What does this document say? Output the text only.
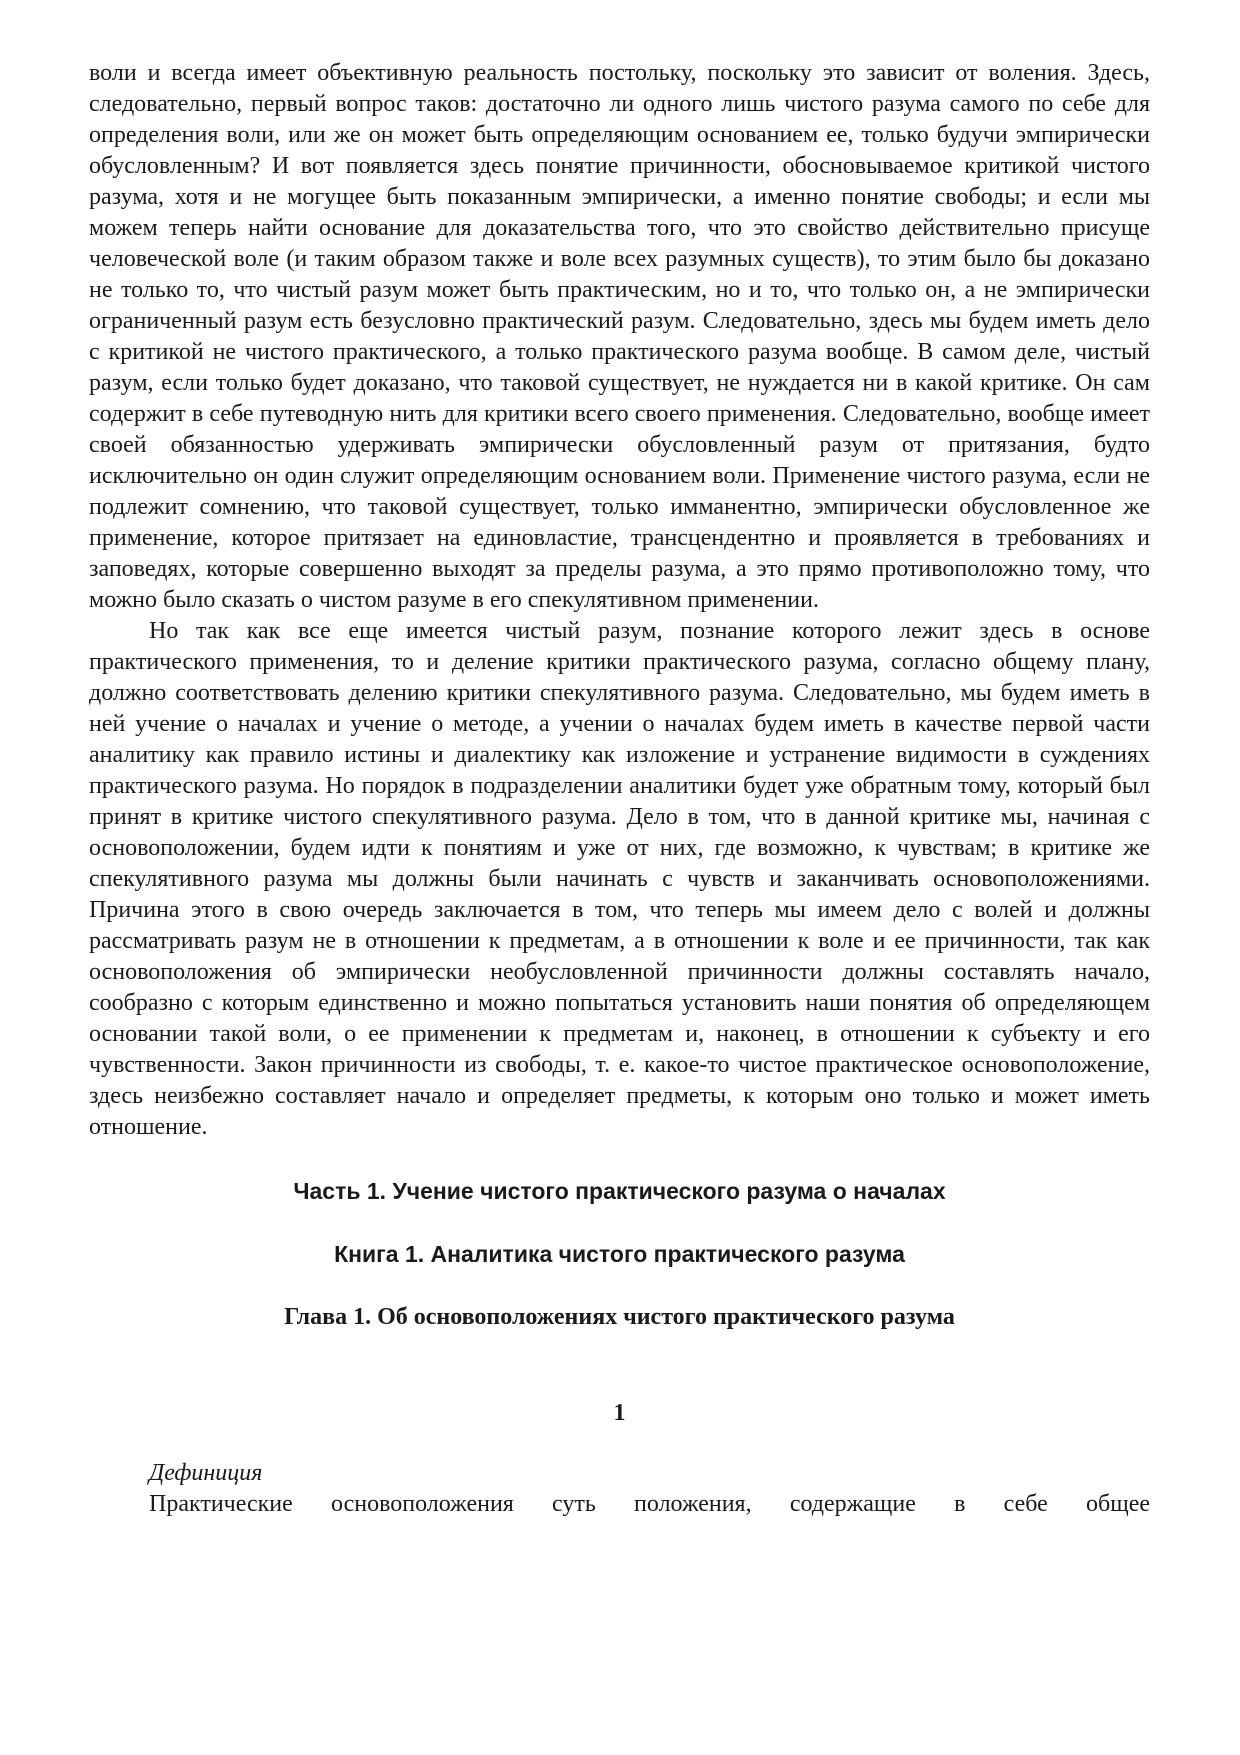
воли и всегда имеет объективную реальность постольку, поскольку это зависит от воления. Здесь, следовательно, первый вопрос таков: достаточно ли одного лишь чистого разума самого по себе для определения воли, или же он может быть определяющим основанием ее, только будучи эмпирически обусловленным? И вот появляется здесь понятие причинности, обосновываемое критикой чистого разума, хотя и не могущее быть показанным эмпирически, а именно понятие свободы; и если мы можем теперь найти основание для доказательства того, что это свойство действительно присуще человеческой воле (и таким образом также и воле всех разумных существ), то этим было бы доказано не только то, что чистый разум может быть практическим, но и то, что только он, а не эмпирически ограниченный разум есть безусловно практический разум. Следовательно, здесь мы будем иметь дело с критикой не чистого практического, а только практического разума вообще. В самом деле, чистый разум, если только будет доказано, что таковой существует, не нуждается ни в какой критике. Он сам содержит в себе путеводную нить для критики всего своего применения. Следовательно, вообще имеет своей обязанностью удерживать эмпирически обусловленный разум от притязания, будто исключительно он один служит определяющим основанием воли. Применение чистого разума, если не подлежит сомнению, что таковой существует, только имманентно, эмпирически обусловленное же применение, которое притязает на единовластие, трансцендентно и проявляется в требованиях и заповедях, которые совершенно выходят за пределы разума, а это прямо противоположно тому, что можно было сказать о чистом разуме в его спекулятивном применении.

Но так как все еще имеется чистый разум, познание которого лежит здесь в основе практического применения, то и деление критики практического разума, согласно общему плану, должно соответствовать делению критики спекулятивного разума. Следовательно, мы будем иметь в ней учение о началах и учение о методе, а учении о началах будем иметь в качестве первой части аналитику как правило истины и диалектику как изложение и устранение видимости в суждениях практического разума. Но порядок в подразделении аналитики будет уже обратным тому, который был принят в критике чистого спекулятивного разума. Дело в том, что в данной критике мы, начиная с основоположении, будем идти к понятиям и уже от них, где возможно, к чувствам; в критике же спекулятивного разума мы должны были начинать с чувств и заканчивать основоположениями. Причина этого в свою очередь заключается в том, что теперь мы имеем дело с волей и должны рассматривать разум не в отношении к предметам, а в отношении к воле и ее причинности, так как основоположения об эмпирически необусловленной причинности должны составлять начало, сообразно с которым единственно и можно попытаться установить наши понятия об определяющем основании такой воли, о ее применении к предметам и, наконец, в отношении к субъекту и его чувственности. Закон причинности из свободы, т. е. какое-то чистое практическое основоположение, здесь неизбежно составляет начало и определяет предметы, к которым оно только и может иметь отношение.

Часть 1. Учение чистого практического разума о началах
Книга 1. Аналитика чистого практического разума
Глава 1. Об основоположениях чистого практического разума
1
Дефиниция

Практические основоположения суть положения, содержащие в себе общее
